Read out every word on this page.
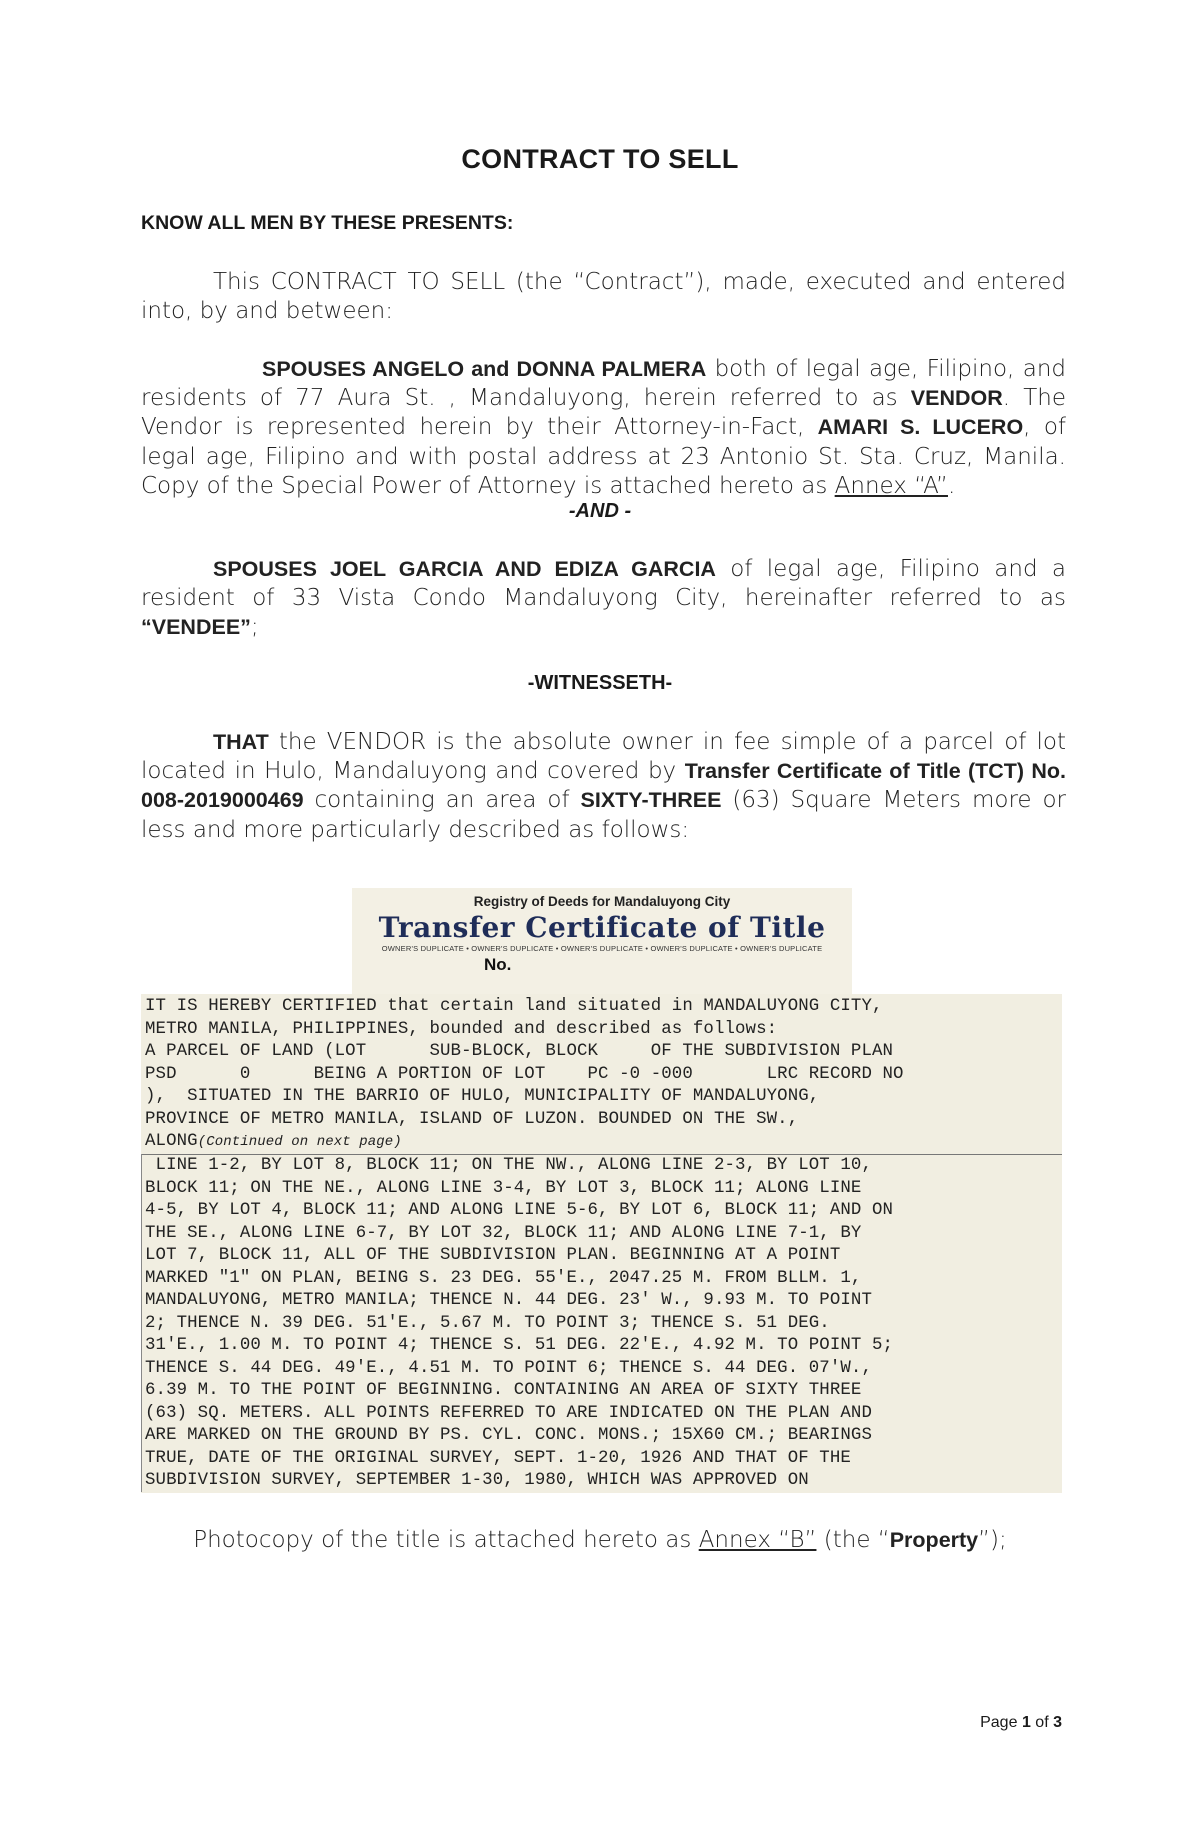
CONTRACT TO SELL
KNOW ALL MEN BY THESE PRESENTS:
This CONTRACT TO SELL (the “Contract”), made, executed and entered into, by and between:
SPOUSES ANGELO and DONNA PALMERA both of legal age, Filipino, and residents of 77 Aura St. , Mandaluyong, herein referred to as VENDOR. The Vendor is represented herein by their Attorney-in-Fact, AMARI S. LUCERO, of legal age, Filipino and with postal address at 23 Antonio St. Sta. Cruz, Manila. Copy of the Special Power of Attorney is attached hereto as Annex “A”.
-AND -
SPOUSES JOEL GARCIA AND EDIZA GARCIA of legal age, Filipino and a resident of 33 Vista Condo Mandaluyong City, hereinafter referred to as “VENDEE”;
-WITNESSETH-
THAT the VENDOR is the absolute owner in fee simple of a parcel of lot located in Hulo, Mandaluyong and covered by Transfer Certificate of Title (TCT) No. 008-2019000469 containing an area of SIXTY-THREE (63) Square Meters more or less and more particularly described as follows:
Registry of Deeds for Mandaluyong City
Transfer Certificate of Title
OWNER'S DUPLICATE • OWNER'S DUPLICATE • OWNER'S DUPLICATE • OWNER'S DUPLICATE • OWNER'S DUPLICATE
No.
IT IS HEREBY CERTIFIED that certain land situated in MANDALUYONG CITY,
METRO MANILA, PHILIPPINES, bounded and described as follows:
A PARCEL OF LAND (LOT      SUB-BLOCK, BLOCK     OF THE SUBDIVISION PLAN
PSD      0      BEING A PORTION OF LOT    PC -0 -000       LRC RECORD NO
),  SITUATED IN THE BARRIO OF HULO, MUNICIPALITY OF MANDALUYONG,
PROVINCE OF METRO MANILA, ISLAND OF LUZON. BOUNDED ON THE SW.,
ALONG(Continued on next page)
LINE 1-2, BY LOT 8, BLOCK 11; ON THE NW., ALONG LINE 2-3, BY LOT 10,
BLOCK 11; ON THE NE., ALONG LINE 3-4, BY LOT 3, BLOCK 11; ALONG LINE
4-5, BY LOT 4, BLOCK 11; AND ALONG LINE 5-6, BY LOT 6, BLOCK 11; AND ON
THE SE., ALONG LINE 6-7, BY LOT 32, BLOCK 11; AND ALONG LINE 7-1, BY
LOT 7, BLOCK 11, ALL OF THE SUBDIVISION PLAN. BEGINNING AT A POINT
MARKED "1" ON PLAN, BEING S. 23 DEG. 55'E., 2047.25 M. FROM BLLM. 1,
MANDALUYONG, METRO MANILA; THENCE N. 44 DEG. 23' W., 9.93 M. TO POINT
2; THENCE N. 39 DEG. 51'E., 5.67 M. TO POINT 3; THENCE S. 51 DEG.
31'E., 1.00 M. TO POINT 4; THENCE S. 51 DEG. 22'E., 4.92 M. TO POINT 5;
THENCE S. 44 DEG. 49'E., 4.51 M. TO POINT 6; THENCE S. 44 DEG. 07'W.,
6.39 M. TO THE POINT OF BEGINNING. CONTAINING AN AREA OF SIXTY THREE
(63) SQ. METERS. ALL POINTS REFERRED TO ARE INDICATED ON THE PLAN AND
ARE MARKED ON THE GROUND BY PS. CYL. CONC. MONS.; 15X60 CM.; BEARINGS
TRUE, DATE OF THE ORIGINAL SURVEY, SEPT. 1-20, 1926 AND THAT OF THE
SUBDIVISION SURVEY, SEPTEMBER 1-30, 1980, WHICH WAS APPROVED ON
Photocopy of the title is attached hereto as Annex “B” (the “Property”);
Page 1 of 3
